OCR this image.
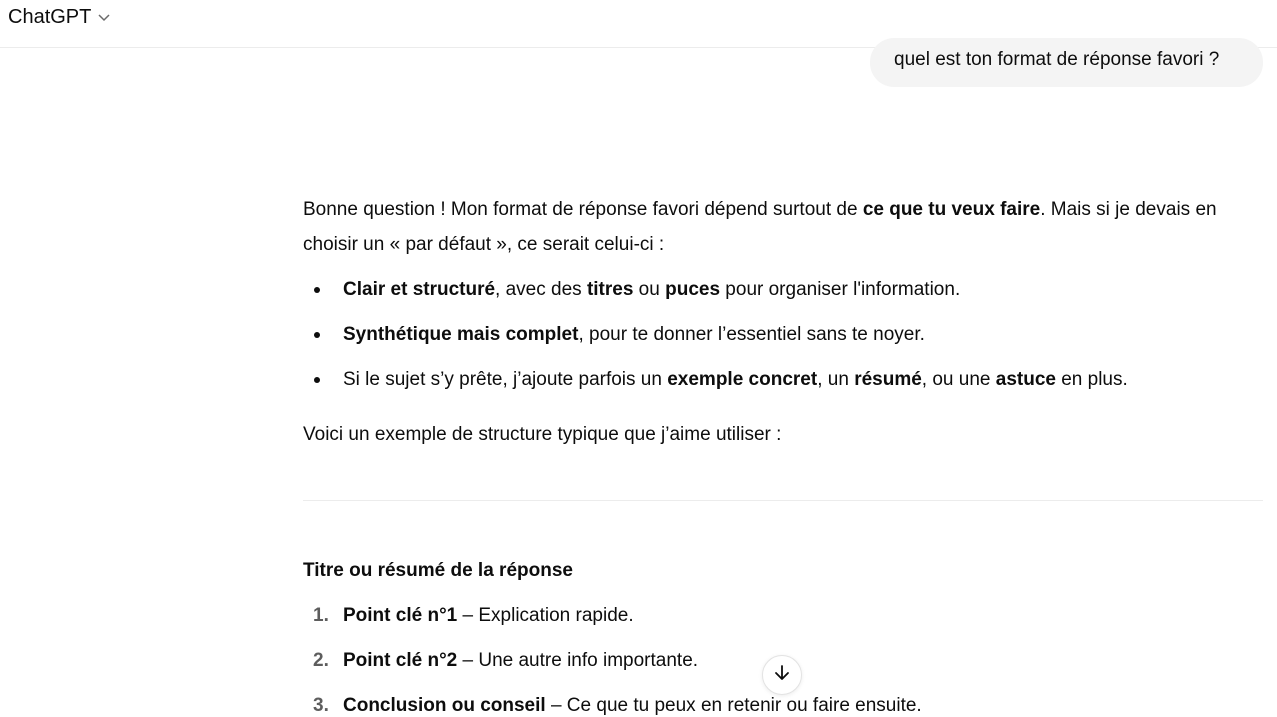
ChatGPT
quel est ton format de réponse favori ?
Bonne question ! Mon format de réponse favori dépend surtout de ce que tu veux faire. Mais si je devais en
choisir un « par défaut », ce serait celui-ci :
Clair et structuré, avec des titres ou puces pour organiser l'information.
Synthétique mais complet, pour te donner l’essentiel sans te noyer.
Si le sujet s’y prête, j’ajoute parfois un exemple concret, un résumé, ou une astuce en plus.
Voici un exemple de structure typique que j’aime utiliser :
Titre ou résumé de la réponse
1. Point clé n°1 – Explication rapide.
2. Point clé n°2 – Une autre info importante.
3. Conclusion ou conseil – Ce que tu peux en retenir ou faire ensuite.
